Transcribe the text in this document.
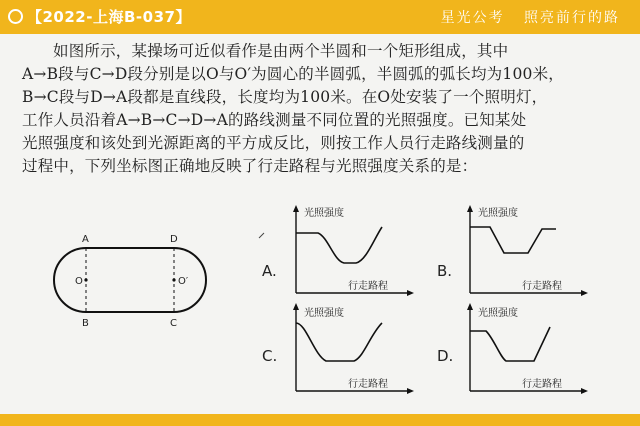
【2022-上海B-037】	星光公考   照亮前行的路

如图所示，某操场可近似看作是由两个半圆和一个矩形组成，其中

A→B段与C→D段分别是以O与O′为圆心的半圆弧，半圆弧的弧长均为100米，

B→C段与D→A段都是直线段，长度均为100米。在O处安装了一个照明灯，

工作人员沿着A→B→C→D→A的路线测量不同位置的光照强度。已知某处

光照强度和该处到光源距离的平方成反比，则按工作人员行走路线测量的

过程中，下列坐标图正确地反映了行走路程与光照强度关系的是：

A	D
B	C
O	O′
A.
光照强度
行走路程
B.
光照强度
行走路程
C.
光照强度
行走路程
D.
光照强度
行走路程
